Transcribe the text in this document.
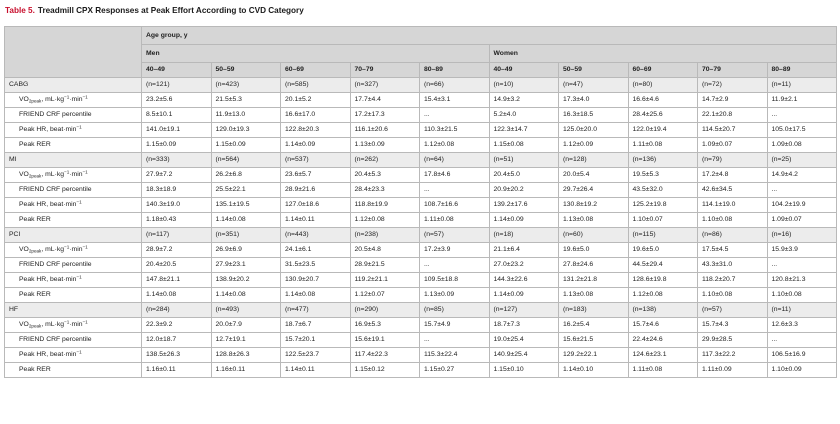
Table 5. Treadmill CPX Responses at Peak Effort According to CVD Category
	Age group, y									
	Men					Women				
	40–49	50–59	60–69	70–79	80–89	40–49	50–59	60–69	70–79	80–89
CABG	(n=121)	(n=423)	(n=585)	(n=327)	(n=66)	(n=10)	(n=47)	(n=80)	(n=72)	(n=11)
$VO_{2peak}$, $mL\cdot kg^{-1}\cdot\min^{-1}$	23.2±5.6	21.5±5.3	20.1±5.2	17.7±4.4	15.4±3.1	14.9±3.2	17.3±4.0	16.6±4.6	14.7±2.9	11.9±2.1
FRIEND CRF percentile	8.5±10.1	11.9±13.0	16.6±17.0	17.2±17.3	...	5.2±4.0	16.3±18.5	28.4±25.6	22.1±20.8	...
Peak HR, $beat\cdot\min^{-1}$	141.0±19.1	129.0±19.3	122.8±20.3	116.1±20.6	110.3±21.5	122.3±14.7	125.0±20.0	122.0±19.4	114.5±20.7	105.0±17.5
Peak RER	1.15±0.09	1.15±0.09	1.14±0.09	1.13±0.09	1.12±0.08	1.15±0.08	1.12±0.09	1.11±0.08	1.09±0.07	1.09±0.08
MI	(n=333)	(n=564)	(n=537)	(n=262)	(n=64)	(n=51)	(n=128)	(n=136)	(n=79)	(n=25)
$VO_{2peak}$, $mL\cdot kg^{-1}\cdot\min^{-1}$	27.9±7.2	26.2±6.8	23.6±5.7	20.4±5.3	17.8±4.6	20.4±5.0	20.0±5.4	19.5±5.3	17.2±4.8	14.9±4.2
FRIEND CRF percentile	18.3±18.9	25.5±22.1	28.9±21.6	28.4±23.3	...	20.9±20.2	29.7±26.4	43.5±32.0	42.6±34.5	...
Peak HR, $beat\cdot\min^{-1}$	140.3±19.0	135.1±19.5	127.0±18.6	118.8±19.9	108.7±16.6	139.2±17.6	130.8±19.2	125.2±19.8	114.1±19.0	104.2±19.9
Peak RER	1.18±0.43	1.14±0.08	1.14±0.11	1.12±0.08	1.11±0.08	1.14±0.09	1.13±0.08	1.10±0.07	1.10±0.08	1.09±0.07
PCI	(n=117)	(n=351)	(n=443)	(n=238)	(n=57)	(n=18)	(n=60)	(n=115)	(n=86)	(n=16)
$VO_{2peak}$, $mL\cdot kg^{-1}\cdot\min^{-1}$	28.9±7.2	26.9±6.9	24.1±6.1	20.5±4.8	17.2±3.9	21.1±6.4	19.6±5.0	19.6±5.0	17.5±4.5	15.9±3.9
FRIEND CRF percentile	20.4±20.5	27.9±23.1	31.5±23.5	28.9±21.5	...	27.0±23.2	27.8±24.6	44.5±29.4	43.3±31.0	...
Peak HR, $beat\cdot\min^{-1}$	147.8±21.1	138.9±20.2	130.9±20.7	119.2±21.1	109.5±18.8	144.3±22.6	131.2±21.8	128.6±19.8	118.2±20.7	120.8±21.3
Peak RER	1.14±0.08	1.14±0.08	1.14±0.08	1.12±0.07	1.13±0.09	1.14±0.09	1.13±0.08	1.12±0.08	1.10±0.08	1.10±0.08
HF	(n=284)	(n=493)	(n=477)	(n=290)	(n=85)	(n=127)	(n=183)	(n=138)	(n=57)	(n=11)
$VO_{2peak}$, $mL\cdot kg^{-1}\cdot\min^{-1}$	22.3±9.2	20.0±7.9	18.7±6.7	16.9±5.3	15.7±4.9	18.7±7.3	16.2±5.4	15.7±4.6	15.7±4.3	12.6±3.3
FRIEND CRF percentile	12.0±18.7	12.7±19.1	15.7±20.1	15.6±19.1	...	19.0±25.4	15.6±21.5	22.4±24.6	29.9±28.5	...
Peak HR, $beat\cdot\min^{-1}$	138.5±26.3	128.8±26.3	122.5±23.7	117.4±22.3	115.3±22.4	140.9±25.4	129.2±22.1	124.6±23.1	117.3±22.2	106.5±16.9
Peak RER	1.16±0.11	1.16±0.11	1.14±0.11	1.15±0.12	1.15±0.27	1.15±0.10	1.14±0.10	1.11±0.08	1.11±0.09	1.10±0.09
